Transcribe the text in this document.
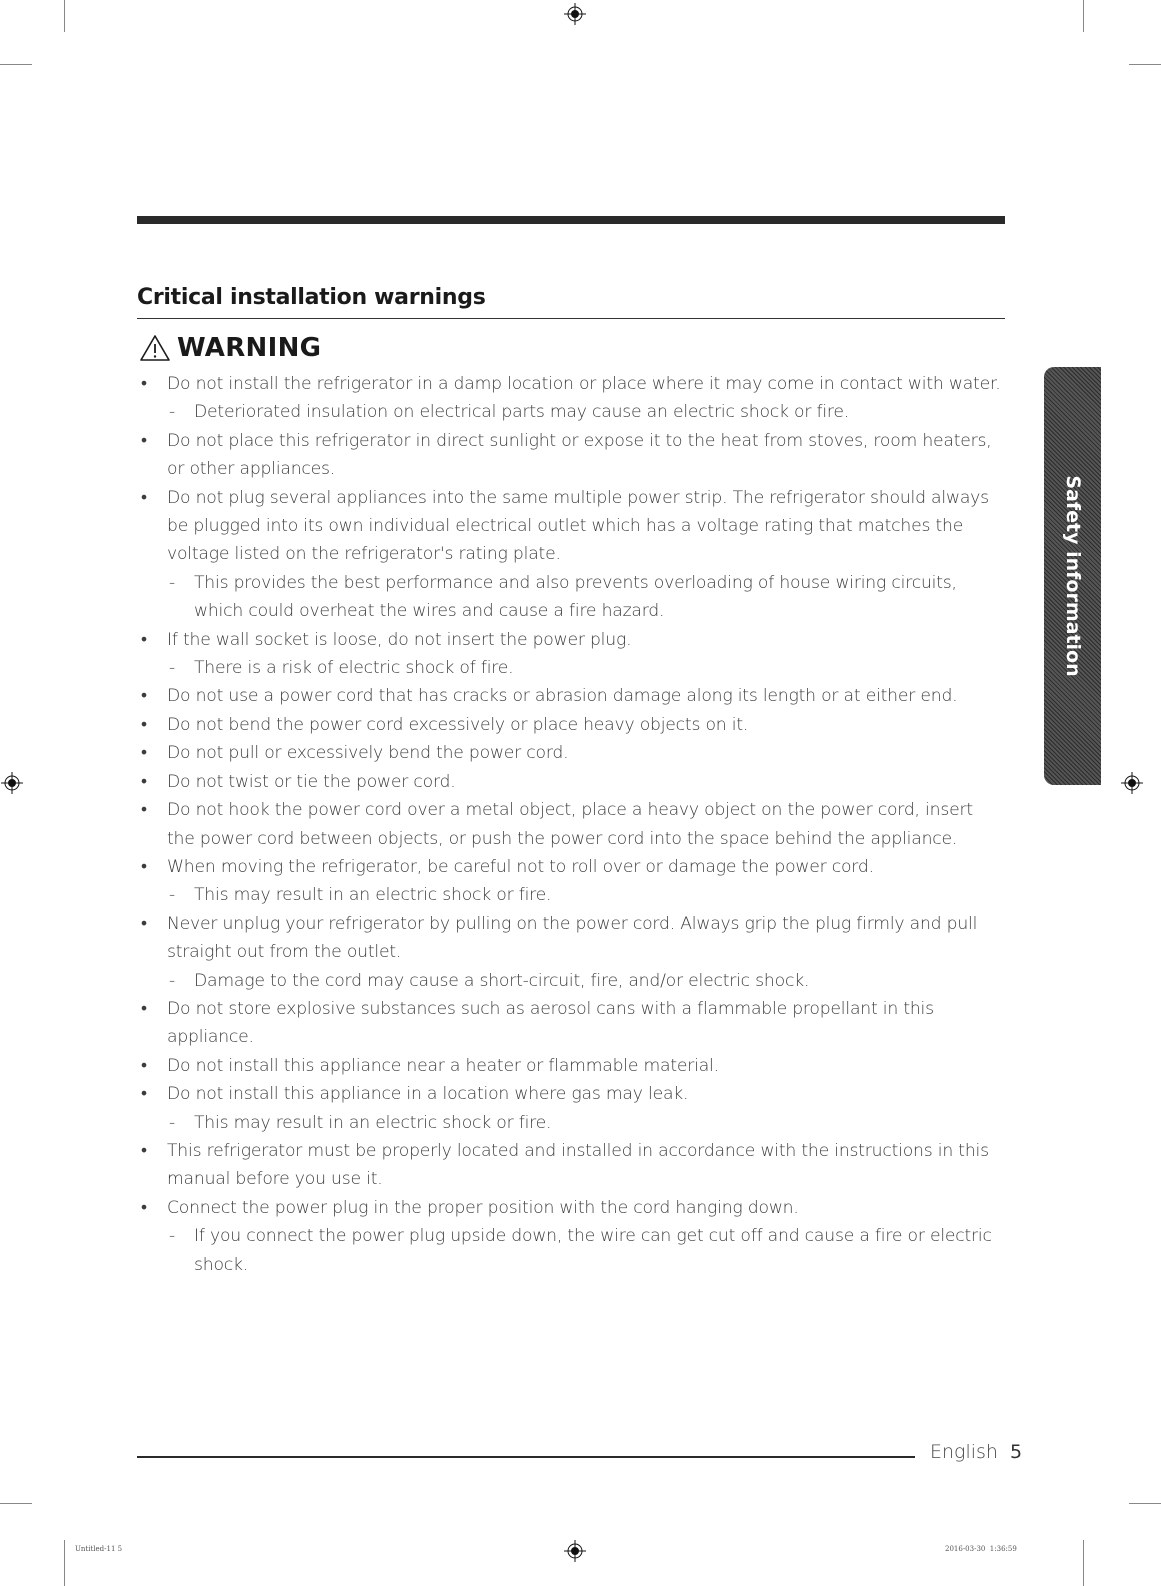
Critical installation warnings
WARNING
• Do not install the refrigerator in a damp location or place where it may come in contact with water.
- Deteriorated insulation on electrical parts may cause an electric shock or fire.
• Do not place this refrigerator in direct sunlight or expose it to the heat from stoves, room heaters, or other appliances.
• Do not plug several appliances into the same multiple power strip. The refrigerator should always be plugged into its own individual electrical outlet which has a voltage rating that matches the voltage listed on the refrigerator's rating plate.
- This provides the best performance and also prevents overloading of house wiring circuits, which could overheat the wires and cause a fire hazard.
• If the wall socket is loose, do not insert the power plug.
- There is a risk of electric shock of fire.
• Do not use a power cord that has cracks or abrasion damage along its length or at either end.
• Do not bend the power cord excessively or place heavy objects on it.
• Do not pull or excessively bend the power cord.
• Do not twist or tie the power cord.
• Do not hook the power cord over a metal object, place a heavy object on the power cord, insert the power cord between objects, or push the power cord into the space behind the appliance.
• When moving the refrigerator, be careful not to roll over or damage the power cord.
- This may result in an electric shock or fire.
• Never unplug your refrigerator by pulling on the power cord. Always grip the plug firmly and pull straight out from the outlet.
- Damage to the cord may cause a short-circuit, fire, and/or electric shock.
• Do not store explosive substances such as aerosol cans with a flammable propellant in this appliance.
• Do not install this appliance near a heater or flammable material.
• Do not install this appliance in a location where gas may leak.
- This may result in an electric shock or fire.
• This refrigerator must be properly located and installed in accordance with the instructions in this manual before you use it.
• Connect the power plug in the proper position with the cord hanging down.
- If you connect the power plug upside down, the wire can get cut off and cause a fire or electric shock.
Safety information
English 5
Untitled-11 5	2016-03-30 ￼ 1:36:59
